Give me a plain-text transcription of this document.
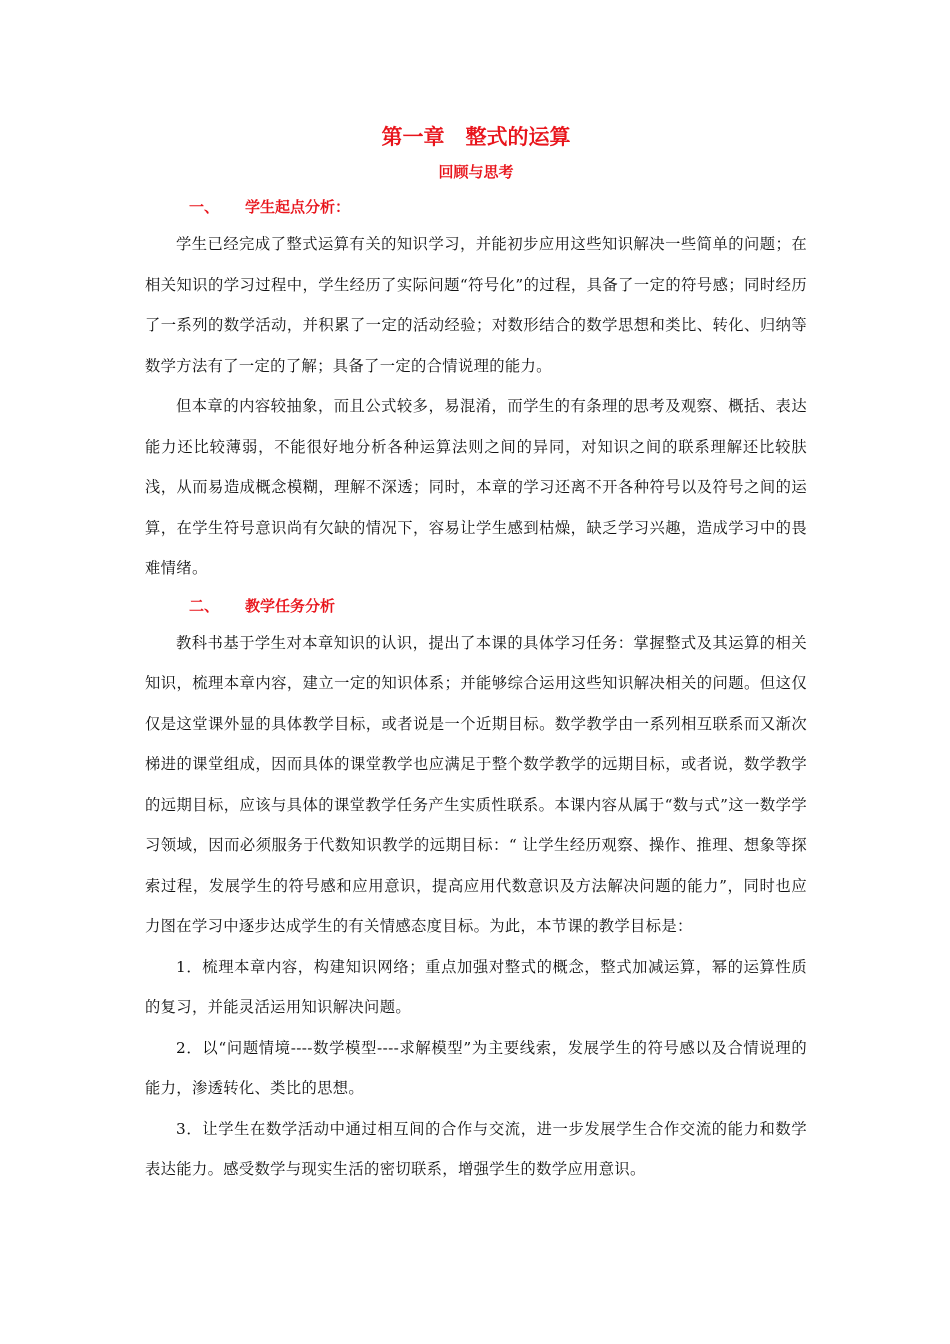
第一章　整式的运算
回顾与思考
一、	学生起点分析：

学生已经完成了整式运算有关的知识学习，并能初步应用这些知识解决一些简单的问题；在相关知识的学习过程中，学生经历了实际问题“符号化”的过程，具备了一定的符号感；同时经历了一系列的数学活动，并积累了一定的活动经验；对数形结合的数学思想和类比、转化、归纳等数学方法有了一定的了解；具备了一定的合情说理的能力。

但本章的内容较抽象，而且公式较多，易混淆，而学生的有条理的思考及观察、概括、表达能力还比较薄弱，不能很好地分析各种运算法则之间的异同，对知识之间的联系理解还比较肤浅，从而易造成概念模糊，理解不深透；同时，本章的学习还离不开各种符号以及符号之间的运算，在学生符号意识尚有欠缺的情况下，容易让学生感到枯燥，缺乏学习兴趣，造成学习中的畏难情绪。

二、	教学任务分析

教科书基于学生对本章知识的认识，提出了本课的具体学习任务：掌握整式及其运算的相关知识，梳理本章内容，建立一定的知识体系；并能够综合运用这些知识解决相关的问题。但这仅仅是这堂课外显的具体教学目标，或者说是一个近期目标。数学教学由一系列相互联系而又渐次梯进的课堂组成，因而具体的课堂教学也应满足于整个数学教学的远期目标，或者说，数学教学的远期目标，应该与具体的课堂教学任务产生实质性联系。本课内容从属于“数与式”这一数学学习领域，因而必须服务于代数知识教学的远期目标：“ 让学生经历观察、操作、推理、想象等探索过程，发展学生的符号感和应用意识，提高应用代数意识及方法解决问题的能力”，同时也应力图在学习中逐步达成学生的有关情感态度目标。为此，本节课的教学目标是：

1．梳理本章内容，构建知识网络；重点加强对整式的概念，整式加减运算，幂的运算性质的复习，并能灵活运用知识解决问题。

2．以“问题情境----数学模型----求解模型”为主要线索，发展学生的符号感以及合情说理的能力，渗透转化、类比的思想。

3．让学生在数学活动中通过相互间的合作与交流，进一步发展学生合作交流的能力和数学表达能力。感受数学与现实生活的密切联系，增强学生的数学应用意识。
